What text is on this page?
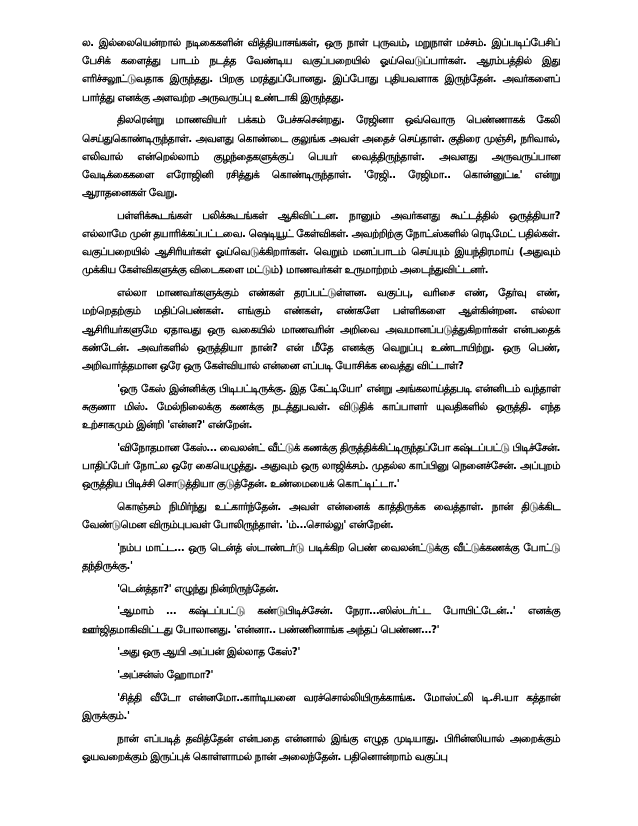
ல. இல்லையென்றால் நடிகைகளின் வித்தியாசங்கள், ஒரு நாள் புருவம், மறுநாள் மச்சம். இப்படிப்பேசிப் பேசிக் களைத்து பாடம் நடத்த வேண்டிய வகுப்பறையில் ஓய்வெடுப்பார்கள். ஆரம்பத்தில் இது எரிச்சலூட்டுவதாக இருந்தது. பிறகு மரத்துப்போனது. இப்போது புதியவளாக இருந்தேன். அவர்களைப் பார்த்து எனக்கு அளவற்ற அருவருப்பு உண்டாகி இருந்தது.

திலரென்று மாணவியர் பக்கம் பேச்சுசென்றது. ரேஜினா ஒவ்வொரு பெண்ணாகக் கேலி செய்துகொண்டிருந்தாள். அவளது கொண்டை குலுங்க அவள் அதைச் செய்தாள். குதிரை முஞ்சி, நரிவால், எலிவால் என்றெல்லாம் குழந்தைகளுக்குப் பெயர் வைத்திருந்தாள். அவளது அருவருப்பான வேடிக்கைகளை எரோஜினி ரசித்துக் கொண்டிருந்தாள். 'ரேஜி.. ரேஜிமா.. கொன்னுட்டீ' என்று ஆராதனைகள் வேறு.

பள்ளிக்கூடங்கள் பலிக்கூடங்கள் ஆகிவிட்டன. நானும் அவர்களது கூட்டத்தில் ஒருத்தியா? எல்லாமே முன் தயாரிக்கப்பட்டவை. ஷெடியூட் கேள்விகள். அவற்றிற்கு நோட்ஸ்களில் ரெடிமேட் பதில்கள். வகுப்பறையில் ஆசிரியர்கள் ஓய்வெடுக்கிறார்கள். வெறும் மனப்பாடம் செய்யும் இயந்திரமாய் (அதுவும் முக்கிய கேள்விகளுக்கு விடைகளை மட்டும்) மாணவர்கள் உருமாற்றம் அடைந்துவிட்டனர்.

எல்லா மாணவர்களுக்கும் எண்கள் தரப்பட்டுள்ளன. வகுப்பு, வரிசை எண், தேர்வு எண், மற்றெதற்கும் மதிப்பெண்கள். எங்கும் எண்கள், எண்களே பள்ளிகளை ஆள்கின்றன. எல்லா ஆசிரியர்களுமே ஏதாவது ஒரு வகையில் மாணவரின் அறிவை அவமானப்படுத்துகிறார்கள் என்பதைக் கண்டேன். அவர்களில் ஒருத்தியா நான்? என் மீதே எனக்கு வெறுப்பு உண்டாயிற்று. ஒரு பெண், அறிவார்த்தமான ஒரே ஒரு கேள்வியால் என்னை எப்படி யோசிக்க வைத்து விட்டாள்?

'ஒரு கேஸ் இன்னிக்கு பிடிபட்டிருக்கு. இத கேட்டியோ' என்று அங்கலாய்த்தபடி என்னிடம் வந்தாள் சுகுணா மிஸ். மேல்நிலைக்கு கணக்கு நடத்துபவள். விடுதிக் காப்பாளர் யுவதிகளில் ஒருத்தி. எந்த உற்சாகமும் இன்றி 'என்ன?' என்றேன்.

'விநோதமான கேஸ்… வைலன்ட் வீட்டுக் கணக்கு திருத்திக்கிட்டிருந்தப்போ கஷ்டப்பட்டு பிடிச்சேன். பாதிப்பேர் நோட்ல ஒரே கையெழுத்து. அதுவும் ஒரு லாஜிக்சம். முதல்ல காப்பினு நெனைச்சேன். அப்புறம் ஒருத்திய பிடிச்சி சொடுத்தியா குடுத்தேன். உண்மையைக் கொட்டிட்டா.'

கொஞ்சம் நிமிர்ந்து உட்கார்ந்தேன். அவள் என்னைக் காத்திருக்க வைத்தாள். நான் திடுக்கிட வேண்டுமென விரும்புபவள் போலிருந்தாள். 'ம்…சொல்லு' என்றேன்.

'நம்ப மாட்ட… ஒரு டென்த் ஸ்டாண்டர்டு படிக்கிற பெண் வைலன்ட்டுக்கு வீட்டுக்கணக்கு போட்டு தந்திருக்கு.'

'டென்த்தா?' எழுந்து நின்றிருந்தேன்.

'ஆமாம் … கஷ்டப்பட்டு கண்டுபிடிச்சேன். நேரா…ஸிஸ்டர்ட்ட போயிட்டேன்..' எனக்கு ஊர்ஜிதமாகிவிட்டது போலானது. 'என்னா.. பண்ணினாங்க அந்தப் பெண்ண…?'

'அது ஒரு ஆயி அப்பன் இல்லாத கேஸ்?'

'அப்சன்ஸ் ஹோமா?'

'சித்தி வீடோ என்னமோ..கார்டியனை வரச்சொல்லியிருக்காங்க. மோஸ்ட்லி டி.சி.யா கத்தான் இருக்கும்.'

நான் எப்படித் தவித்தேன் என்பதை என்னால் இங்கு எழுத முடியாது. பிரின்ஸியால் அறைக்கும் ஓயவறைக்கும் இருப்புக் கொள்ளாமல் நான் அலைந்தேன். பதினொன்றாம் வகுப்பு
